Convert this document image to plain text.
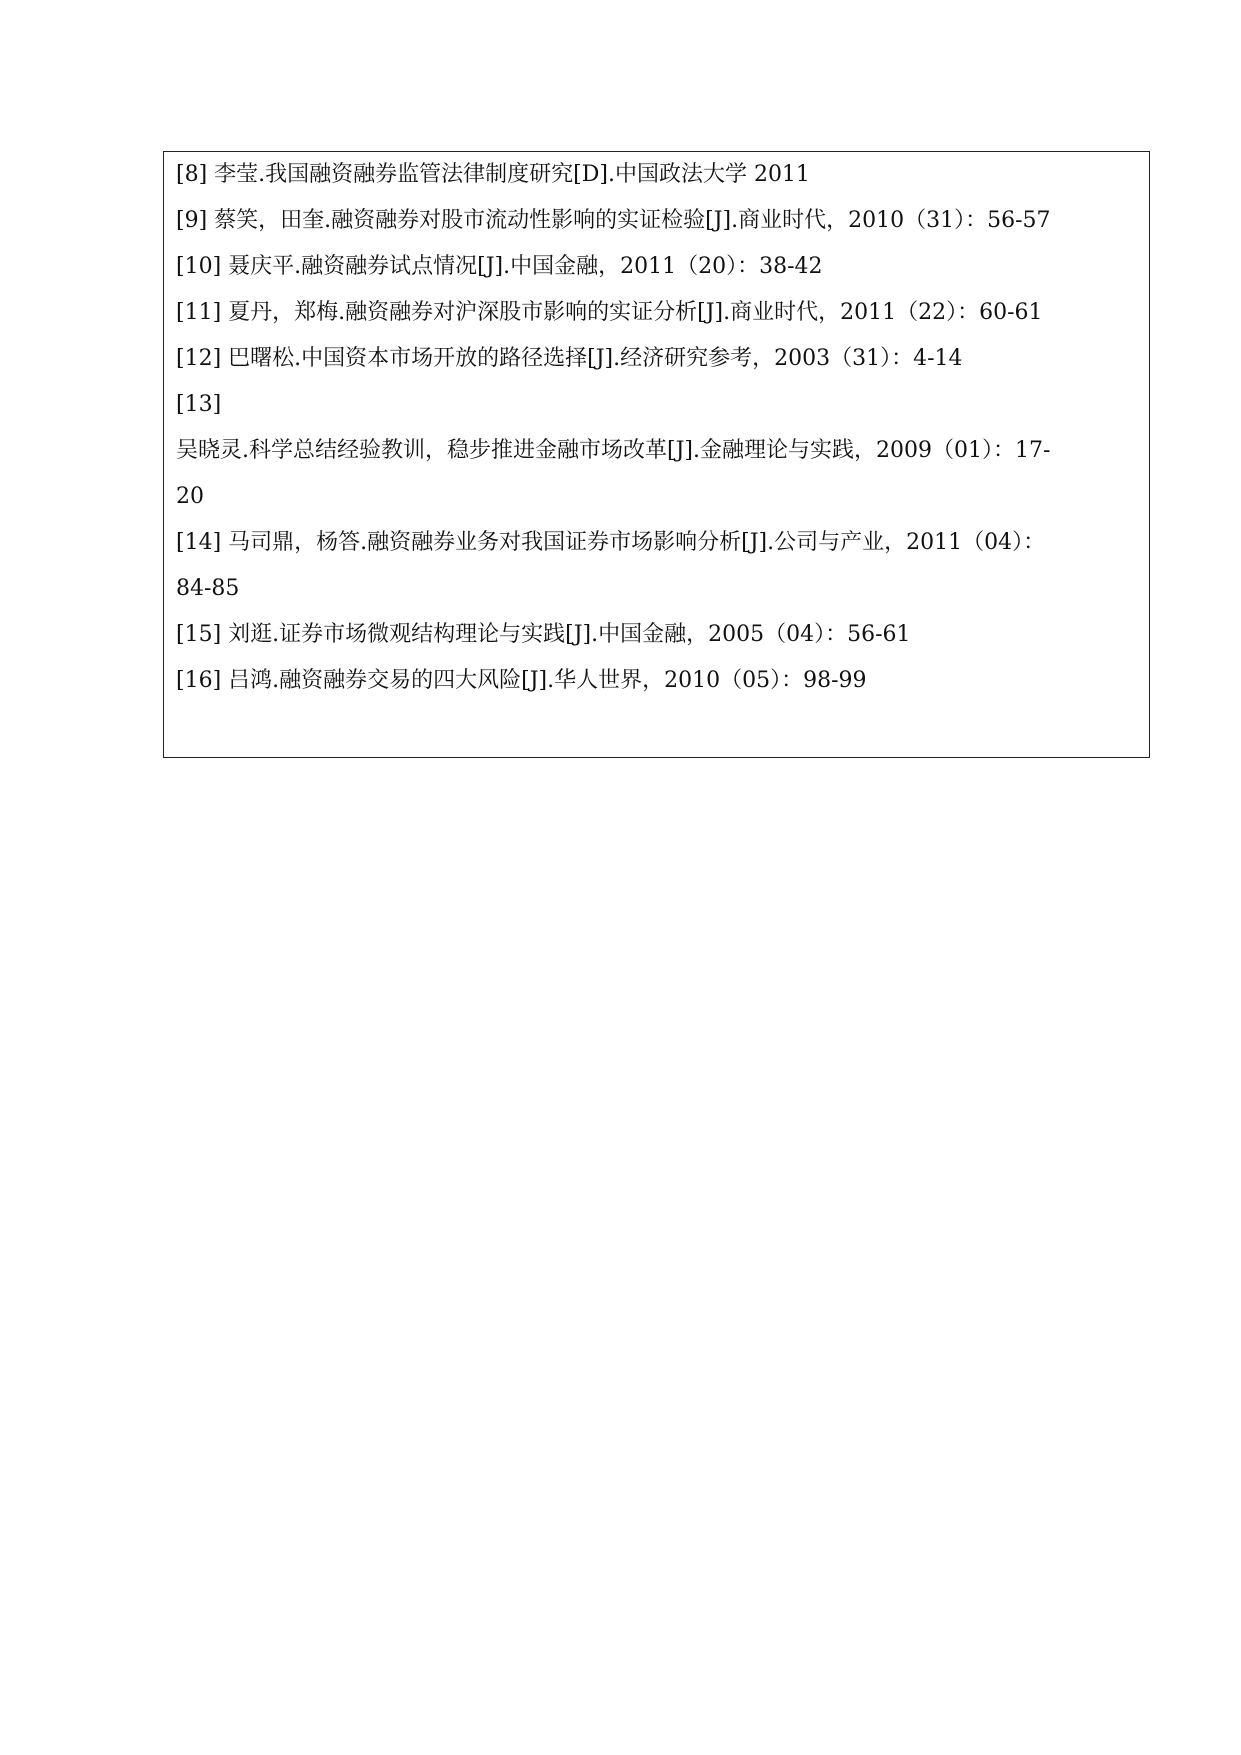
[8] 李莹.我国融资融券监管法律制度研究[D].中国政法大学 2011
[9] 蔡笑，田奎.融资融券对股市流动性影响的实证检验[J].商业时代，2010（31）：56-57
[10] 聂庆平.融资融券试点情况[J].中国金融，2011（20）：38-42
[11] 夏丹，郑梅.融资融券对沪深股市影响的实证分析[J].商业时代，2011（22）：60-61
[12] 巴曙松.中国资本市场开放的路径选择[J].经济研究参考，2003（31）：4-14
[13]
吴晓灵.科学总结经验教训，稳步推进金融市场改革[J].金融理论与实践，2009（01）：17-
20
[14] 马司鼎，杨答.融资融券业务对我国证券市场影响分析[J].公司与产业，2011（04）：
84-85
[15] 刘逛.证券市场微观结构理论与实践[J].中国金融，2005（04）：56-61
[16] 吕鸿.融资融券交易的四大风险[J].华人世界，2010（05）：98-99
